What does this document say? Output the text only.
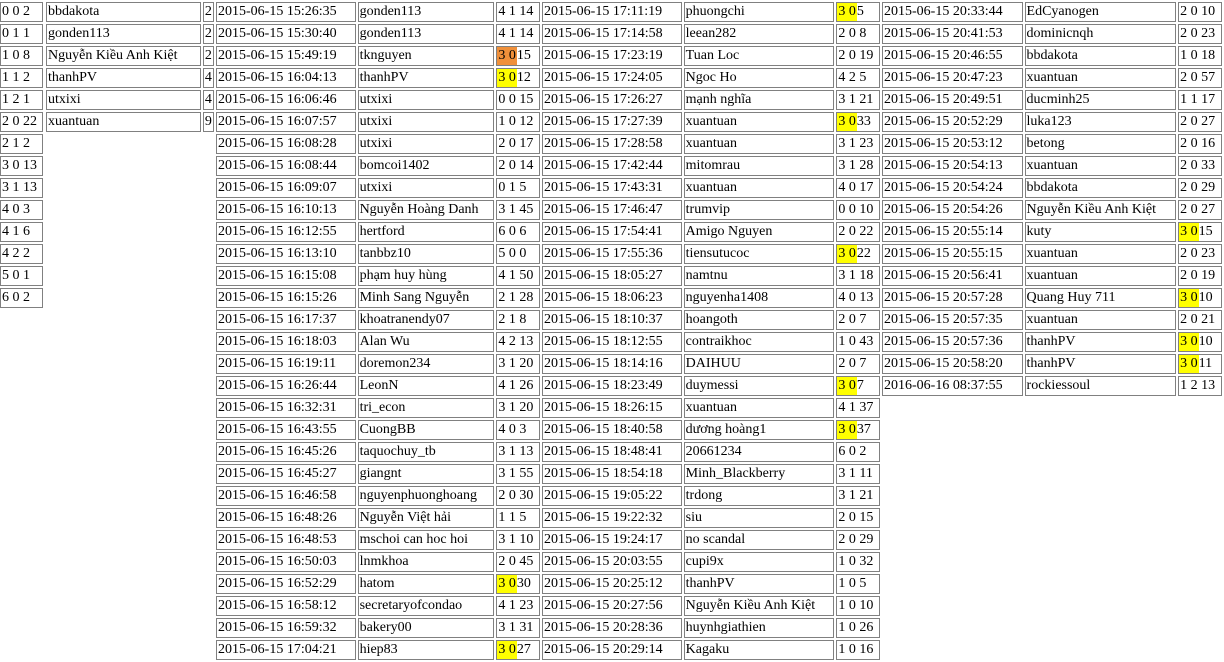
0 0 2
0 1 1
1 0 8
1 1 2
1 2 1
2 0 22
2 1 2
3 0 13
3 1 13
4 0 3
4 1 6
4 2 2
5 0 1
6 0 2
bbdakota	2
gonden113	2
Nguyễn Kiều Anh Kiệt	2
thanhPV	4
utxixi	4
xuantuan	9
2015-06-15 15:26:35	gonden113	4 1 14
2015-06-15 15:30:40	gonden113	4 1 14
2015-06-15 15:49:19	tknguyen	3 015
2015-06-15 16:04:13	thanhPV	3 012
2015-06-15 16:06:46	utxixi	0 0 15
2015-06-15 16:07:57	utxixi	1 0 12
2015-06-15 16:08:28	utxixi	2 0 17
2015-06-15 16:08:44	bomcoi1402	2 0 14
2015-06-15 16:09:07	utxixi	0 1 5
2015-06-15 16:10:13	Nguyễn Hoàng Danh	3 1 45
2015-06-15 16:12:55	hertford	6 0 6
2015-06-15 16:13:10	tanbbz10	5 0 0
2015-06-15 16:15:08	phạm huy hùng	4 1 50
2015-06-15 16:15:26	Minh Sang Nguyễn	2 1 28
2015-06-15 16:17:37	khoatranendy07	2 1 8
2015-06-15 16:18:03	Alan Wu	4 2 13
2015-06-15 16:19:11	doremon234	3 1 20
2015-06-15 16:26:44	LeonN	4 1 26
2015-06-15 16:32:31	tri_econ	3 1 20
2015-06-15 16:43:55	CuongBB	4 0 3
2015-06-15 16:45:26	taquochuy_tb	3 1 13
2015-06-15 16:45:27	giangnt	3 1 55
2015-06-15 16:46:58	nguyenphuonghoang	2 0 30
2015-06-15 16:48:26	Nguyễn Việt hải	1 1 5
2015-06-15 16:48:53	mschoi can hoc hoi	3 1 10
2015-06-15 16:50:03	lnmkhoa	2 0 45
2015-06-15 16:52:29	hatom	3 030
2015-06-15 16:58:12	secretaryofcondao	4 1 23
2015-06-15 16:59:32	bakery00	3 1 31
2015-06-15 17:04:21	hiep83	3 027
2015-06-15 17:11:19	phuongchi	3 05
2015-06-15 17:14:58	leean282	2 0 8
2015-06-15 17:23:19	Tuan Loc	2 0 19
2015-06-15 17:24:05	Ngoc Ho	4 2 5
2015-06-15 17:26:27	mạnh nghĩa	3 1 21
2015-06-15 17:27:39	xuantuan	3 033
2015-06-15 17:28:58	xuantuan	3 1 23
2015-06-15 17:42:44	mitomrau	3 1 28
2015-06-15 17:43:31	xuantuan	4 0 17
2015-06-15 17:46:47	trumvip	0 0 10
2015-06-15 17:54:41	Amigo Nguyen	2 0 22
2015-06-15 17:55:36	tiensutucoc	3 022
2015-06-15 18:05:27	namtnu	3 1 18
2015-06-15 18:06:23	nguyenha1408	4 0 13
2015-06-15 18:10:37	hoangoth	2 0 7
2015-06-15 18:12:55	contraikhoc	1 0 43
2015-06-15 18:14:16	DAIHUU	2 0 7
2015-06-15 18:23:49	duymessi	3 07
2015-06-15 18:26:15	xuantuan	4 1 37
2015-06-15 18:40:58	dương hoàng1	3 037
2015-06-15 18:48:41	20661234	6 0 2
2015-06-15 18:54:18	Minh_Blackberry	3 1 11
2015-06-15 19:05:22	trdong	3 1 21
2015-06-15 19:22:32	siu	2 0 15
2015-06-15 19:24:17	no scandal	2 0 29
2015-06-15 20:03:55	cupi9x	1 0 32
2015-06-15 20:25:12	thanhPV	1 0 5
2015-06-15 20:27:56	Nguyễn Kiều Anh Kiệt	1 0 10
2015-06-15 20:28:36	huynhgiathien	1 0 26
2015-06-15 20:29:14	Kagaku	1 0 16
2015-06-15 20:33:44	EdCyanogen	2 0 10
2015-06-15 20:41:53	dominicnqh	2 0 23
2015-06-15 20:46:55	bbdakota	1 0 18
2015-06-15 20:47:23	xuantuan	2 0 57
2015-06-15 20:49:51	ducminh25	1 1 17
2015-06-15 20:52:29	luka123	2 0 27
2015-06-15 20:53:12	betong	2 0 16
2015-06-15 20:54:13	xuantuan	2 0 33
2015-06-15 20:54:24	bbdakota	2 0 29
2015-06-15 20:54:26	Nguyễn Kiều Anh Kiệt	2 0 27
2015-06-15 20:55:14	kuty	3 015
2015-06-15 20:55:15	xuantuan	2 0 23
2015-06-15 20:56:41	xuantuan	2 0 19
2015-06-15 20:57:28	Quang Huy 711	3 010
2015-06-15 20:57:35	xuantuan	2 0 21
2015-06-15 20:57:36	thanhPV	3 010
2015-06-15 20:58:20	thanhPV	3 011
2016-06-16 08:37:55	rockiessoul	1 2 13
